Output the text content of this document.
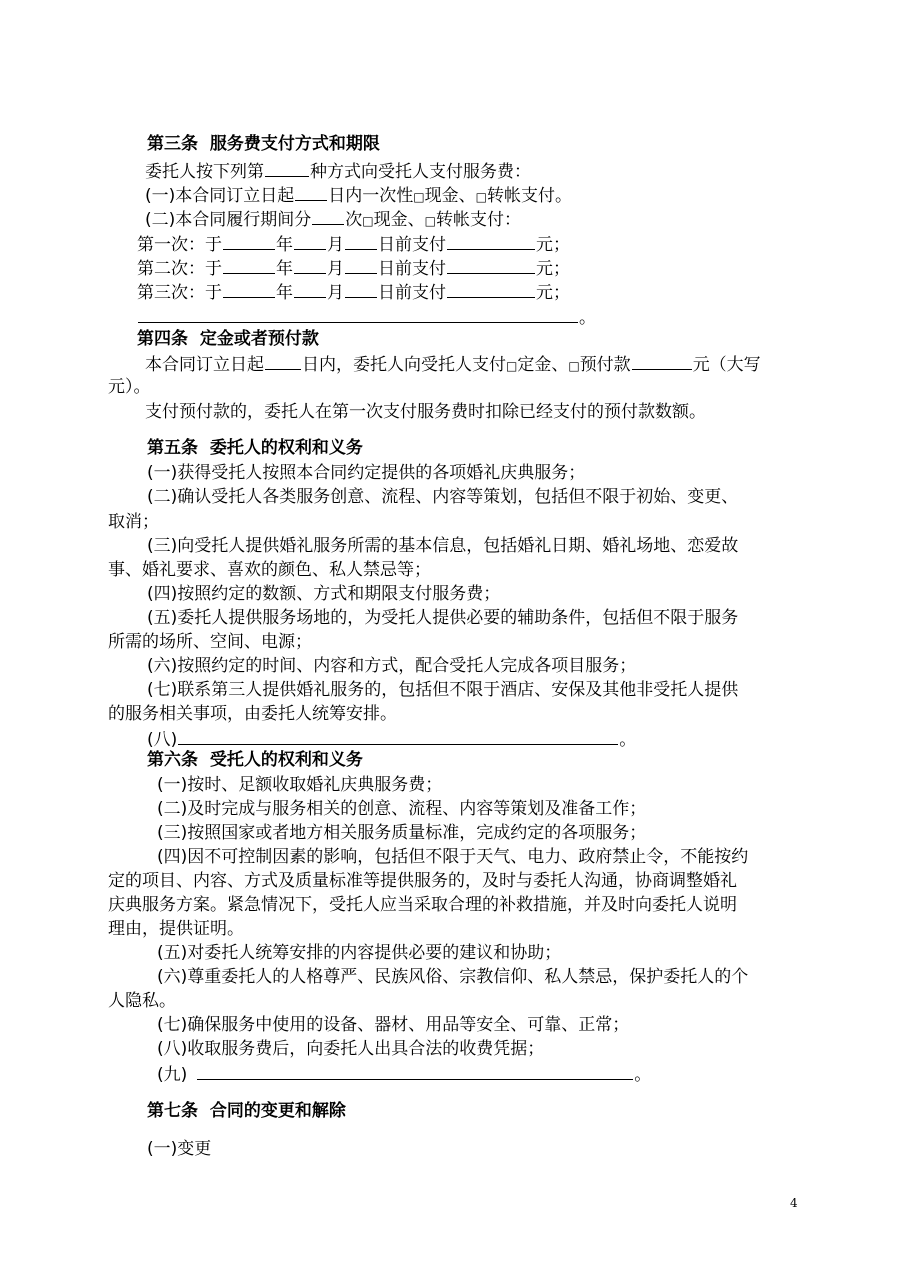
第三条  服务费支付方式和期限
委托人按下列第	种方式向受托人支付服务费：
(一)本合同订立日起 日内一次性□现金、□转帐支付。
(二)本合同履行期间分 次□现金、□转帐支付：
第一次：于	年 月 日前支付	元；
第二次：于	年 月 日前支付	元；
第三次：于	年 月 日前支付	元；
。
第四条  定金或者预付款
本合同订立日起 日内，委托人向受托人支付□定金、□预付款	元（大写
元）。
支付预付款的，委托人在第一次支付服务费时扣除已经支付的预付款数额。
第五条  委托人的权利和义务
(一)获得受托人按照本合同约定提供的各项婚礼庆典服务；
(二)确认受托人各类服务创意、流程、内容等策划，包括但不限于初始、变更、
取消；
(三)向受托人提供婚礼服务所需的基本信息，包括婚礼日期、婚礼场地、恋爱故
事、婚礼要求、喜欢的颜色、私人禁忌等；
(四)按照约定的数额、方式和期限支付服务费；
(五)委托人提供服务场地的，为受托人提供必要的辅助条件，包括但不限于服务
所需的场所、空间、电源；
(六)按照约定的时间、内容和方式，配合受托人完成各项目服务；
(七)联系第三人提供婚礼服务的，包括但不限于酒店、安保及其他非受托人提供
的服务相关事项，由委托人统筹安排。
(八)	。
第六条  受托人的权利和义务
(一)按时、足额收取婚礼庆典服务费；
(二)及时完成与服务相关的创意、流程、内容等策划及准备工作；
(三)按照国家或者地方相关服务质量标准，完成约定的各项服务；
(四)因不可控制因素的影响，包括但不限于天气、电力、政府禁止令，不能按约
定的项目、内容、方式及质量标准等提供服务的，及时与委托人沟通，协商调整婚礼
庆典服务方案。紧急情况下，受托人应当采取合理的补救措施，并及时向委托人说明
理由，提供证明。
(五)对委托人统筹安排的内容提供必要的建议和协助；
(六)尊重委托人的人格尊严、民族风俗、宗教信仰、私人禁忌，保护委托人的个
人隐私。
(七)确保服务中使用的设备、器材、用品等安全、可靠、正常；
(八)收取服务费后，向委托人出具合法的收费凭据；
(九)	。
第七条  合同的变更和解除
(一)变更
4
